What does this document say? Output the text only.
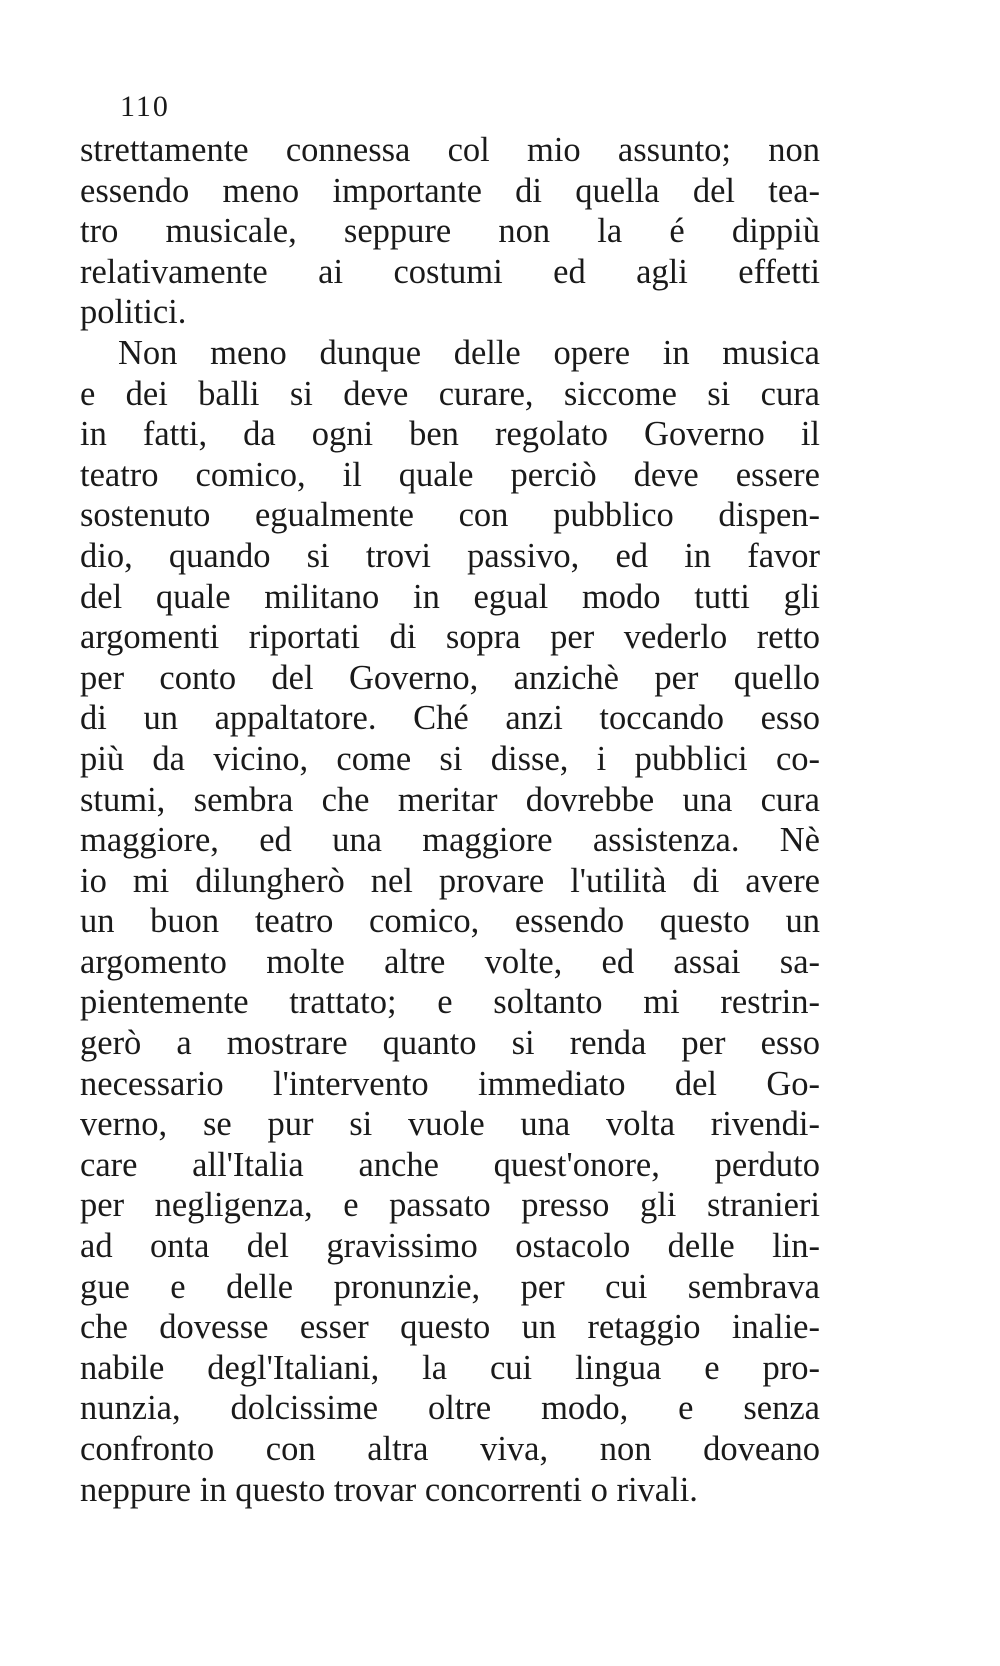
110
strettamente connessa col mio assunto; non
essendo meno importante di quella del tea-
tro musicale, seppure non la é dippiù
relativamente ai costumi ed agli effetti
politici.
Non meno dunque delle opere in musica
e dei balli si deve curare, siccome si cura
in fatti, da ogni ben regolato Governo il
teatro comico, il quale perciò deve essere
sostenuto egualmente con pubblico dispen-
dio, quando si trovi passivo, ed in favor
del quale militano in egual modo tutti gli
argomenti riportati di sopra per vederlo retto
per conto del Governo, anzichè per quello
di un appaltatore. Ché anzi toccando esso
più da vicino, come si disse, i pubblici co-
stumi, sembra che meritar dovrebbe una cura
maggiore, ed una maggiore assistenza. Nè
io mi dilungherò nel provare l'utilità di avere
un buon teatro comico, essendo questo un
argomento molte altre volte, ed assai sa-
pientemente trattato; e soltanto mi restrin-
gerò a mostrare quanto si renda per esso
necessario l'intervento immediato del Go-
verno, se pur si vuole una volta rivendi-
care all'Italia anche quest'onore, perduto
per negligenza, e passato presso gli stranieri
ad onta del gravissimo ostacolo delle lin-
gue e delle pronunzie, per cui sembrava
che dovesse esser questo un retaggio inalie-
nabile degl'Italiani, la cui lingua e pro-
nunzia, dolcissime oltre modo, e senza
confronto con altra viva, non doveano
neppure in questo trovar concorrenti o rivali.
